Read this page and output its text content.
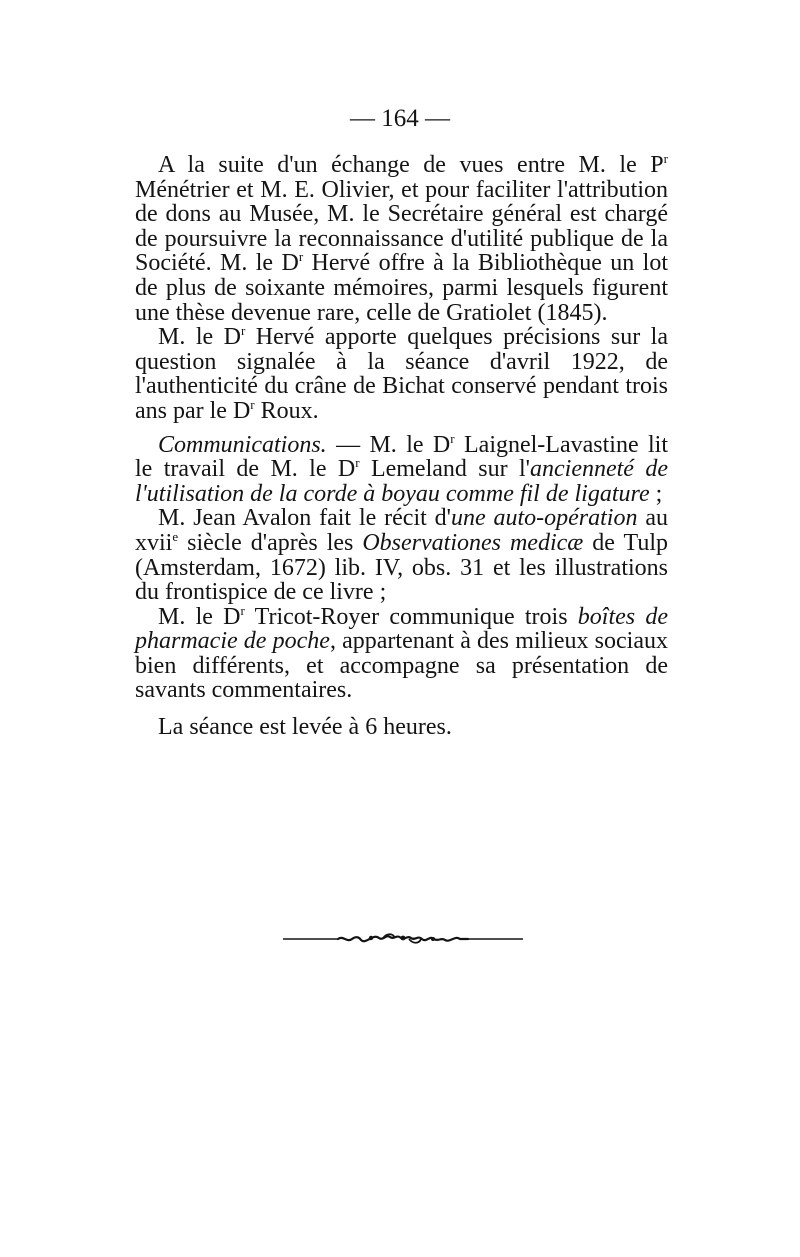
— 164 —

A la suite d'un échange de vues entre M. le $P^r$ Ménétrier et M. E. Olivier, et pour faciliter l'attribution de dons au Musée, M. le Secrétaire général est chargé de poursuivre la reconnaissance d'utilité publique de la Société. M. le $D^r$ Hervé offre à la Bibliothèque un lot de plus de soixante mémoires, parmi lesquels figurent une thèse devenue rare, celle de Gratiolet (1845).

M. le $D^r$ Hervé apporte quelques précisions sur la question signalée à la séance d'avril 1922, de l'authenticité du crâne de Bichat conservé pendant trois ans par le $D^r$ Roux.

Communications. — M. le $D^r$ Laignel-Lavastine lit le travail de M. le $D^r$ Lemeland sur l'ancienneté de l'utilisation de la corde à boyau comme fil de ligature ;

M. Jean Avalon fait le récit d'une auto-opération au xvii$^e$ siècle d'après les Observationes medicæ de Tulp (Amsterdam, 1672) lib. IV, obs. 31 et les illustrations du frontispice de ce livre ;

M. le $D^r$ Tricot-Royer communique trois boîtes de pharmacie de poche, appartenant à des milieux sociaux bien différents, et accompagne sa présentation de savants commentaires.

La séance est levée à 6 heures.
